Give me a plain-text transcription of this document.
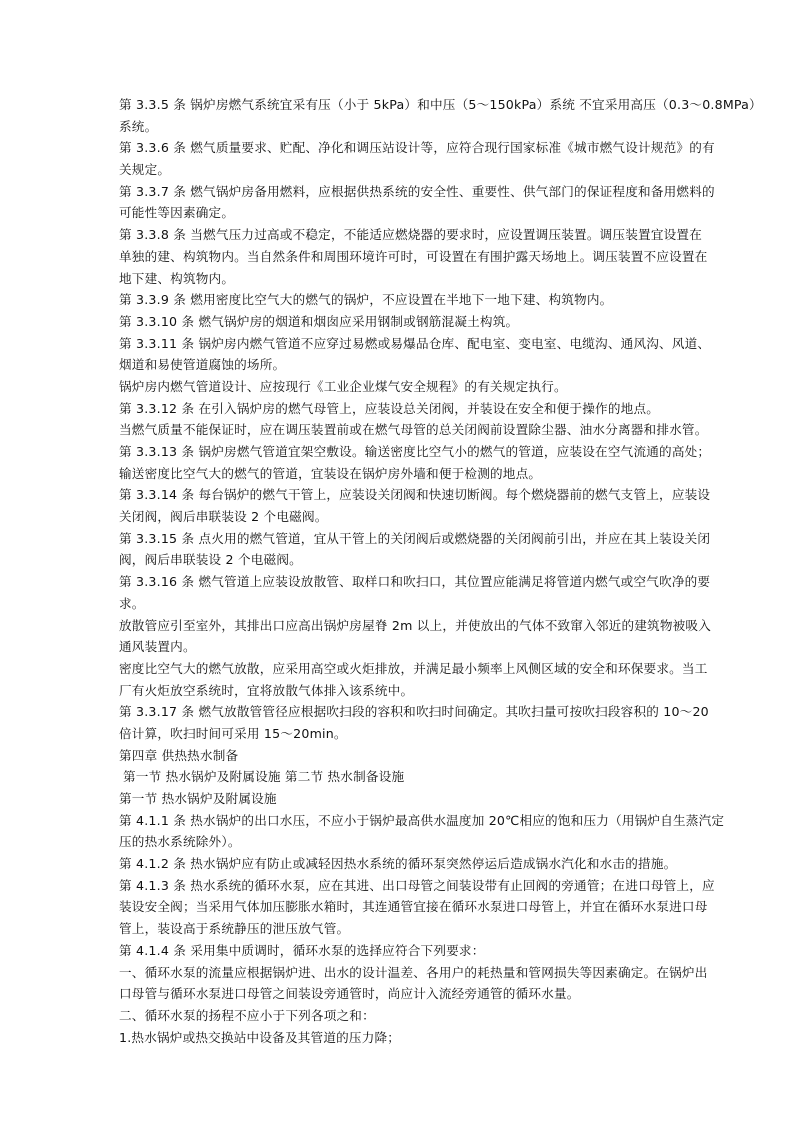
第 3.3.5 条 锅炉房燃气系统宜采有压（小于 5kPa）和中压（5～150kPa）系统 不宜采用高压（0.3～0.8MPa）
系统。
第 3.3.6 条 燃气质量要求、贮配、净化和调压站设计等，应符合现行国家标准《城市燃气设计规范》的有
关规定。
第 3.3.7 条 燃气锅炉房备用燃料，应根据供热系统的安全性、重要性、供气部门的保证程度和备用燃料的
可能性等因素确定。
第 3.3.8 条 当燃气压力过高或不稳定，不能适应燃烧器的要求时，应设置调压装置。调压装置宜设置在
单独的建、构筑物内。当自然条件和周围环境许可时，可设置在有围护露天场地上。调压装置不应设置在
地下建、构筑物内。
第 3.3.9 条 燃用密度比空气大的燃气的锅炉，不应设置在半地下一地下建、构筑物内。
第 3.3.10 条 燃气锅炉房的烟道和烟囱应采用钢制或钢筋混凝土构筑。
第 3.3.11 条 锅炉房内燃气管道不应穿过易燃或易爆品仓库、配电室、变电室、电缆沟、通风沟、风道、
烟道和易使管道腐蚀的场所。
锅炉房内燃气管道设计、应按现行《工业企业煤气安全规程》的有关规定执行。
第 3.3.12 条 在引入锅炉房的燃气母管上，应装设总关闭阀，并装设在安全和便于操作的地点。
当燃气质量不能保证时，应在调压装置前或在燃气母管的总关闭阀前设置除尘器、油水分离器和排水管。
第 3.3.13 条 锅炉房燃气管道宜架空敷设。输送密度比空气小的燃气的管道，应装设在空气流通的高处；
输送密度比空气大的燃气的管道，宜装设在锅炉房外墙和便于检测的地点。
第 3.3.14 条 每台锅炉的燃气干管上，应装设关闭阀和快速切断阀。每个燃烧器前的燃气支管上，应装设
关闭阀，阀后串联装设 2 个电磁阀。
第 3.3.15 条 点火用的燃气管道，宜从干管上的关闭阀后或燃烧器的关闭阀前引出，并应在其上装设关闭
阀，阀后串联装设 2 个电磁阀。
第 3.3.16 条 燃气管道上应装设放散管、取样口和吹扫口，其位置应能满足将管道内燃气或空气吹净的要
求。
放散管应引至室外，其排出口应高出锅炉房屋脊 2m 以上，并使放出的气体不致窜入邻近的建筑物被吸入
通风装置内。
密度比空气大的燃气放散，应采用高空或火炬排放，并满足最小频率上风侧区域的安全和环保要求。当工
厂有火炬放空系统时，宜将放散气体排入该系统中。
第 3.3.17 条 燃气放散管管径应根据吹扫段的容积和吹扫时间确定。其吹扫量可按吹扫段容积的 10～20
倍计算，吹扫时间可采用 15～20min。
第四章 供热热水制备
第一节 热水锅炉及附属设施 第二节 热水制备设施
第一节 热水锅炉及附属设施
第 4.1.1 条 热水锅炉的出口水压，不应小于锅炉最高供水温度加 20℃相应的饱和压力（用锅炉自生蒸汽定
压的热水系统除外）。
第 4.1.2 条 热水锅炉应有防止或减轻因热水系统的循环泵突然停运后造成锅水汽化和水击的措施。
第 4.1.3 条 热水系统的循环水泵，应在其进、出口母管之间装设带有止回阀的旁通管；在进口母管上，应
装设安全阀；当采用气体加压膨胀水箱时，其连通管宜接在循环水泵进口母管上，并宜在循环水泵进口母
管上，装设高于系统静压的泄压放气管。
第 4.1.4 条 采用集中质调时，循环水泵的选择应符合下列要求：
一、循环水泵的流量应根据锅炉进、出水的设计温差、各用户的耗热量和管网损失等因素确定。在锅炉出
口母管与循环水泵进口母管之间装设旁通管时，尚应计入流经旁通管的循环水量。
二、循环水泵的扬程不应小于下列各项之和：
1.热水锅炉或热交换站中设备及其管道的压力降；
